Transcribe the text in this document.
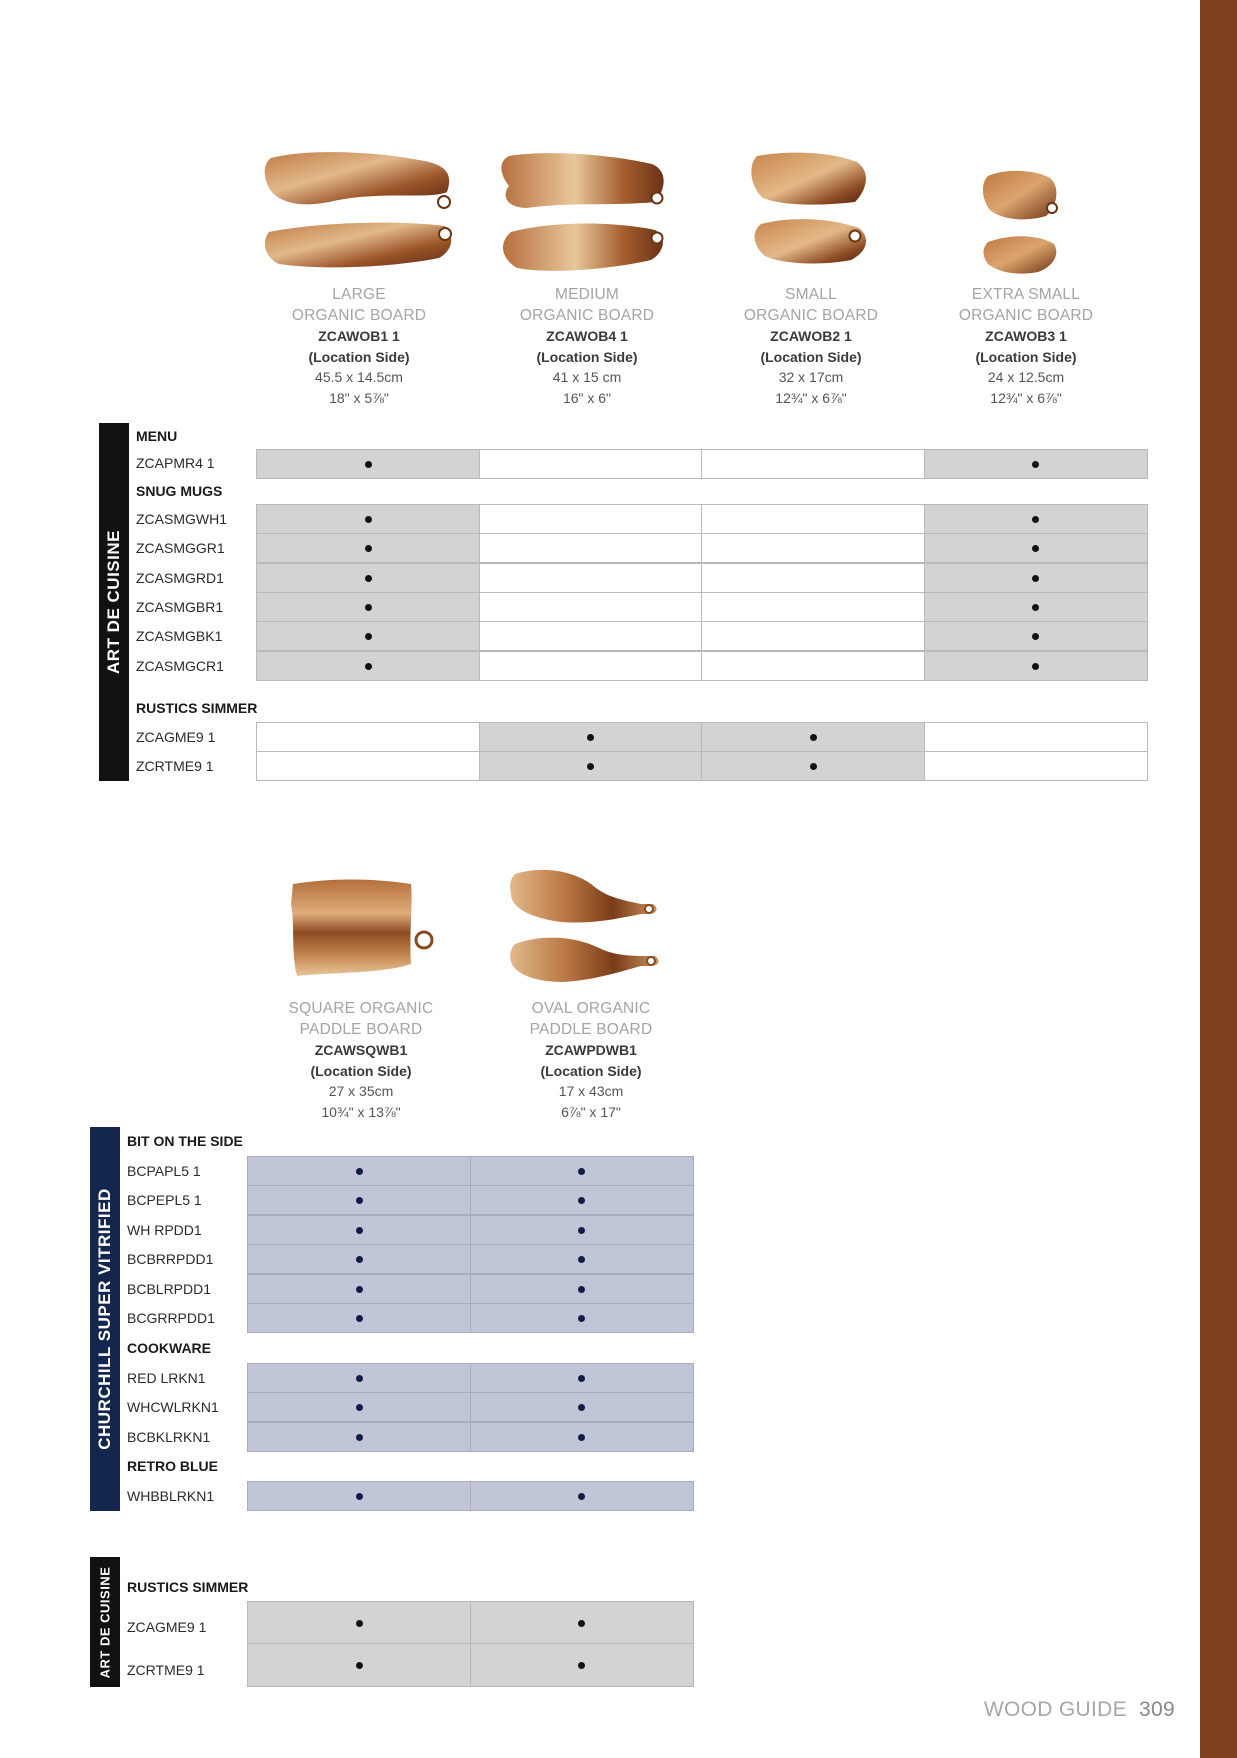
LARGE
ORGANIC BOARD
ZCAWOB1 1
(Location Side)
45.5 x 14.5cm
18" x 5⅞"
MEDIUM
ORGANIC BOARD
ZCAWOB4 1
(Location Side)
41 x 15 cm
16" x 6"
SMALL
ORGANIC BOARD
ZCAWOB2 1
(Location Side)
32 x 17cm
12¾" x 6⅞"
EXTRA SMALL
ORGANIC BOARD
ZCAWOB3 1
(Location Side)
24 x 12.5cm
12¾" x 6⅞"
ART DE CUISINE
MENU
ZCAPMR4 1
SNUG MUGS
ZCASMGWH1
ZCASMGGR1
ZCASMGRD1
ZCASMGBR1
ZCASMGBK1
ZCASMGCR1
RUSTICS SIMMER
ZCAGME9 1
ZCRTME9 1
SQUARE ORGANIC
PADDLE BOARD
ZCAWSQWB1
(Location Side)
27 x 35cm
10¾" x 13⅞"
OVAL ORGANIC
PADDLE BOARD
ZCAWPDWB1
(Location Side)
17 x 43cm
6⅞" x 17"
CHURCHILL SUPER VITRIFIED
BIT ON THE SIDE
BCPAPL5 1
BCPEPL5 1
WH RPDD1
BCBRRPDD1
BCBLRPDD1
BCGRRPDD1
COOKWARE
RED LRKN1
WHCWLRKN1
BCBKLRKN1
RETRO BLUE
WHBBLRKN1
ART DE CUISINE RUSTICS SIMMER
ZCAGME9 1
ZCRTME9 1
WOOD GUIDE 309
